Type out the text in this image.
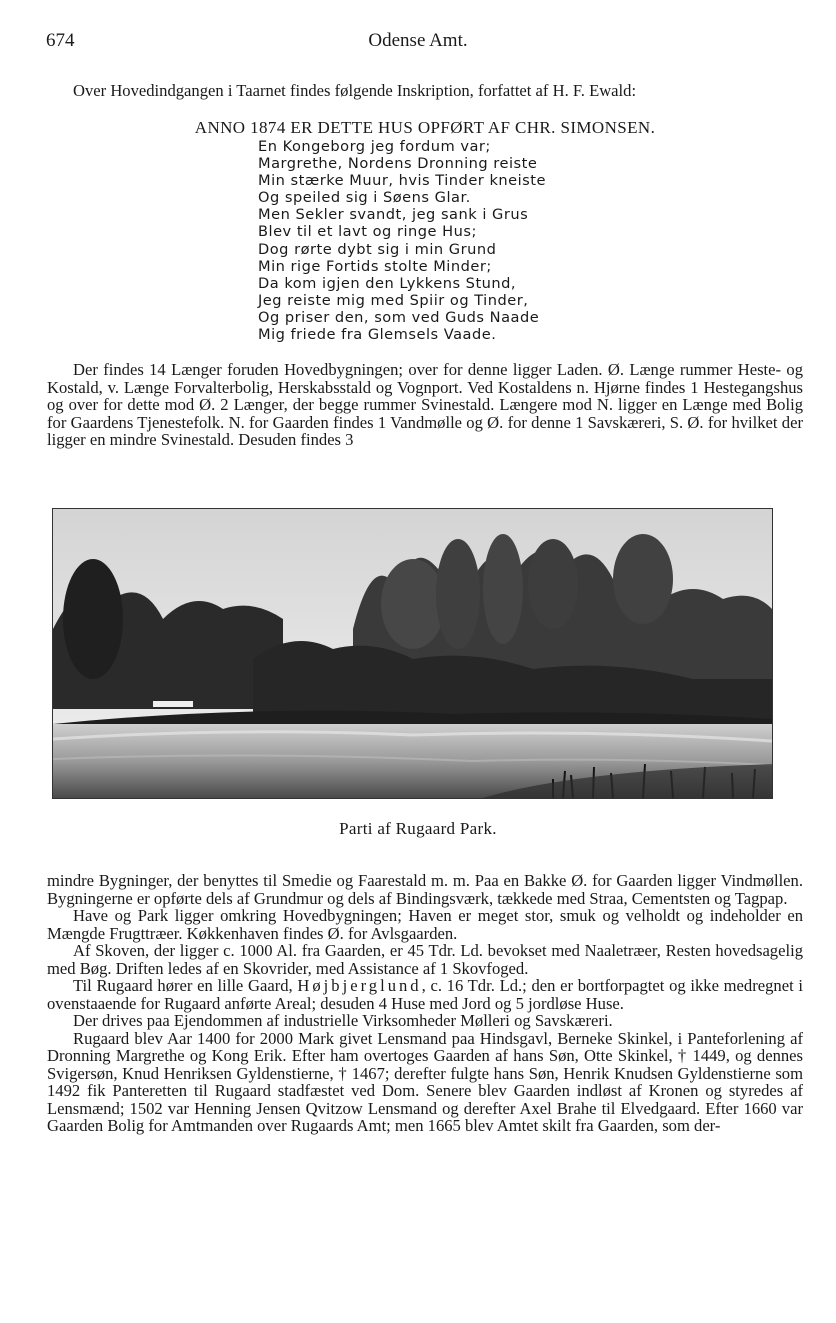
674	Odense Amt.

Over Hovedindgangen i Taarnet findes følgende Inskription, forfattet af H. F. Ewald:

ANNO 1874 ER DETTE HUS OPFØRT AF CHR. SIMONSEN.
En Kongeborg jeg fordum var;
Margrethe, Nordens Dronning reiste
Min stærke Muur, hvis Tinder kneiste
Og speiled sig i Søens Glar.
Men Sekler svandt, jeg sank i Grus
Blev til et lavt og ringe Hus;
Dog rørte dybt sig i min Grund
Min rige Fortids stolte Minder;
Da kom igjen den Lykkens Stund,
Jeg reiste mig med Spiir og Tinder,
Og priser den, som ved Guds Naade
Mig friede fra Glemsels Vaade.

Der findes 14 Længer foruden Hovedbygningen; over for denne ligger Laden. Ø. Længe rummer Heste- og Kostald, v. Længe Forvalterbolig, Herskabsstald og Vognport. Ved Kostaldens n. Hjørne findes 1 Hestegangshus og over for dette mod Ø. 2 Længer, der begge rummer Svinestald. Længere mod N. ligger en Længe med Bolig for Gaardens Tjenestefolk. N. for Gaarden findes 1 Vandmølle og Ø. for denne 1 Savskæreri, S. Ø. for hvilket der ligger en mindre Svinestald. Desuden findes 3

Parti af Rugaard Park.

mindre Bygninger, der benyttes til Smedie og Faarestald m. m. Paa en Bakke Ø. for Gaarden ligger Vindmøllen. Bygningerne er opførte dels af Grundmur og dels af Bindingsværk, tækkede med Straa, Cementsten og Tagpap.

Have og Park ligger omkring Hovedbygningen; Haven er meget stor, smuk og velholdt og indeholder en Mængde Frugttræer. Køkkenhaven findes Ø. for Avlsgaarden.

Af Skoven, der ligger c. 1000 Al. fra Gaarden, er 45 Tdr. Ld. bevokset med Naaletræer, Resten hovedsagelig med Bøg. Driften ledes af en Skovrider, med Assistance af 1 Skovfoged.

Til Rugaard hører en lille Gaard, Højbjerglund, c. 16 Tdr. Ld.; den er bortforpagtet og ikke medregnet i ovenstaaende for Rugaard anførte Areal; desuden 4 Huse med Jord og 5 jordløse Huse.

Der drives paa Ejendommen af industrielle Virksomheder Mølleri og Savskæreri.

Rugaard blev Aar 1400 for 2000 Mark givet Lensmand paa Hindsgavl, Berneke Skinkel, i Panteforlening af Dronning Margrethe og Kong Erik. Efter ham overtoges Gaarden af hans Søn, Otte Skinkel, † 1449, og dennes Svigersøn, Knud Henriksen Gyldenstierne, † 1467; derefter fulgte hans Søn, Henrik Knudsen Gyldenstierne som 1492 fik Panteretten til Rugaard stadfæstet ved Dom. Senere blev Gaarden indløst af Kronen og styredes af Lensmænd; 1502 var Henning Jensen Qvitzow Lensmand og derefter Axel Brahe til Elvedgaard. Efter 1660 var Gaarden Bolig for Amtmanden over Rugaards Amt; men 1665 blev Amtet skilt fra Gaarden, som der-
